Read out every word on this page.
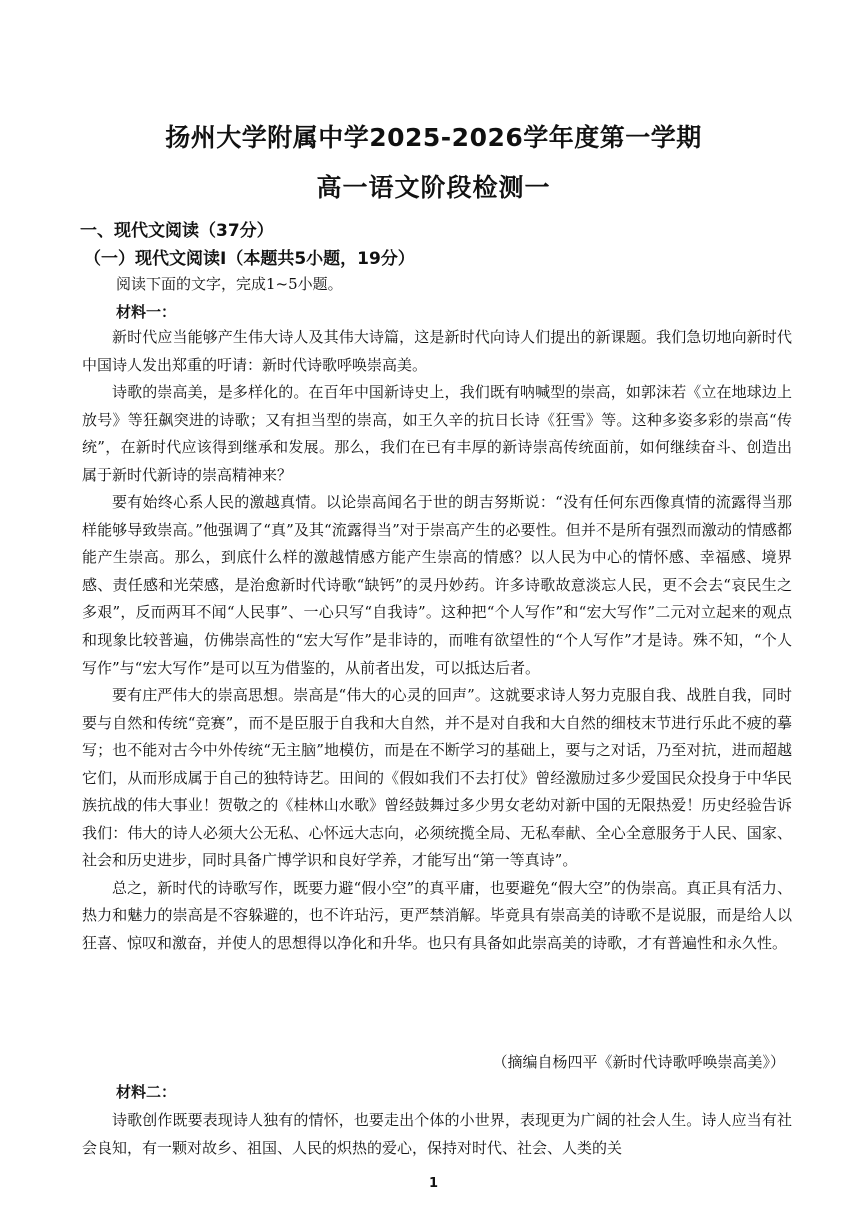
扬州大学附属中学2025-2026学年度第一学期
高一语文阶段检测一
一、现代文阅读（37分）
（一）现代文阅读Ⅰ（本题共5小题，19分）
阅读下面的文字，完成1~5小题。
材料一：

新时代应当能够产生伟大诗人及其伟大诗篇，这是新时代向诗人们提出的新课题。我们急切地向新时代中国诗人发出郑重的吁请：新时代诗歌呼唤崇高美。

诗歌的崇高美，是多样化的。在百年中国新诗史上，我们既有呐喊型的崇高，如郭沫若《立在地球边上放号》等狂飙突进的诗歌；又有担当型的崇高，如王久辛的抗日长诗《狂雪》等。这种多姿多彩的崇高“传统”，在新时代应该得到继承和发展。那么，我们在已有丰厚的新诗崇高传统面前，如何继续奋斗、创造出属于新时代新诗的崇高精神来？

要有始终心系人民的激越真情。以论崇高闻名于世的朗吉努斯说：“没有任何东西像真情的流露得当那样能够导致崇高。”他强调了“真”及其“流露得当”对于崇高产生的必要性。但并不是所有强烈而激动的情感都能产生崇高。那么，到底什么样的激越情感方能产生崇高的情感？以人民为中心的情怀感、幸福感、境界感、责任感和光荣感，是治愈新时代诗歌“缺钙”的灵丹妙药。许多诗歌故意淡忘人民，更不会去“哀民生之多艰”，反而两耳不闻“人民事”、一心只写“自我诗”。这种把“个人写作”和“宏大写作”二元对立起来的观点和现象比较普遍，仿佛崇高性的“宏大写作”是非诗的，而唯有欲望性的“个人写作”才是诗。殊不知，“个人写作”与“宏大写作”是可以互为借鉴的，从前者出发，可以抵达后者。

要有庄严伟大的崇高思想。崇高是“伟大的心灵的回声”。这就要求诗人努力克服自我、战胜自我，同时要与自然和传统“竞赛”，而不是臣服于自我和大自然，并不是对自我和大自然的细枝末节进行乐此不疲的摹写；也不能对古今中外传统“无主脑”地模仿，而是在不断学习的基础上，要与之对话，乃至对抗，进而超越它们，从而形成属于自己的独特诗艺。田间的《假如我们不去打仗》曾经激励过多少爱国民众投身于中华民族抗战的伟大事业！贺敬之的《桂林山水歌》曾经鼓舞过多少男女老幼对新中国的无限热爱！历史经验告诉我们：伟大的诗人必须大公无私、心怀远大志向，必须统揽全局、无私奉献、全心全意服务于人民、国家、社会和历史进步，同时具备广博学识和良好学养，才能写出“第一等真诗”。

总之，新时代的诗歌写作，既要力避“假小空”的真平庸，也要避免“假大空”的伪崇高。真正具有活力、热力和魅力的崇高是不容躲避的，也不许玷污，更严禁消解。毕竟具有崇高美的诗歌不是说服，而是给人以狂喜、惊叹和激奋，并使人的思想得以净化和升华。也只有具备如此崇高美的诗歌，才有普遍性和永久性。

（摘编自杨四平《新时代诗歌呼唤崇高美》）
材料二：

诗歌创作既要表现诗人独有的情怀，也要走出个体的小世界，表现更为广阔的社会人生。诗人应当有社会良知，有一颗对故乡、祖国、人民的炽热的爱心，保持对时代、社会、人类的关

1
